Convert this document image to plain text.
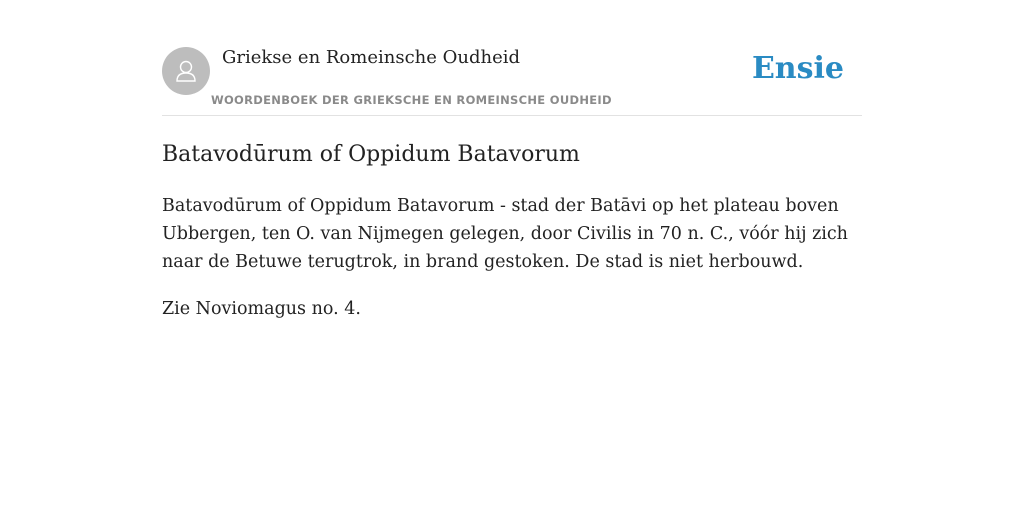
Griekse en Romeinsche Oudheid
WOORDENBOEK DER GRIEKSCHE EN ROMEINSCHE OUDHEID
Ensie
Batavodūrum of Oppidum Batavorum

Batavodūrum of Oppidum Batavorum - stad der Batāvi op het plateau boven Ubbergen, ten O. van Nijmegen gelegen, door Civilis in 70 n. C., vóór hij zich naar de Betuwe terugtrok, in brand gestoken. De stad is niet herbouwd.

Zie Noviomagus no. 4.
